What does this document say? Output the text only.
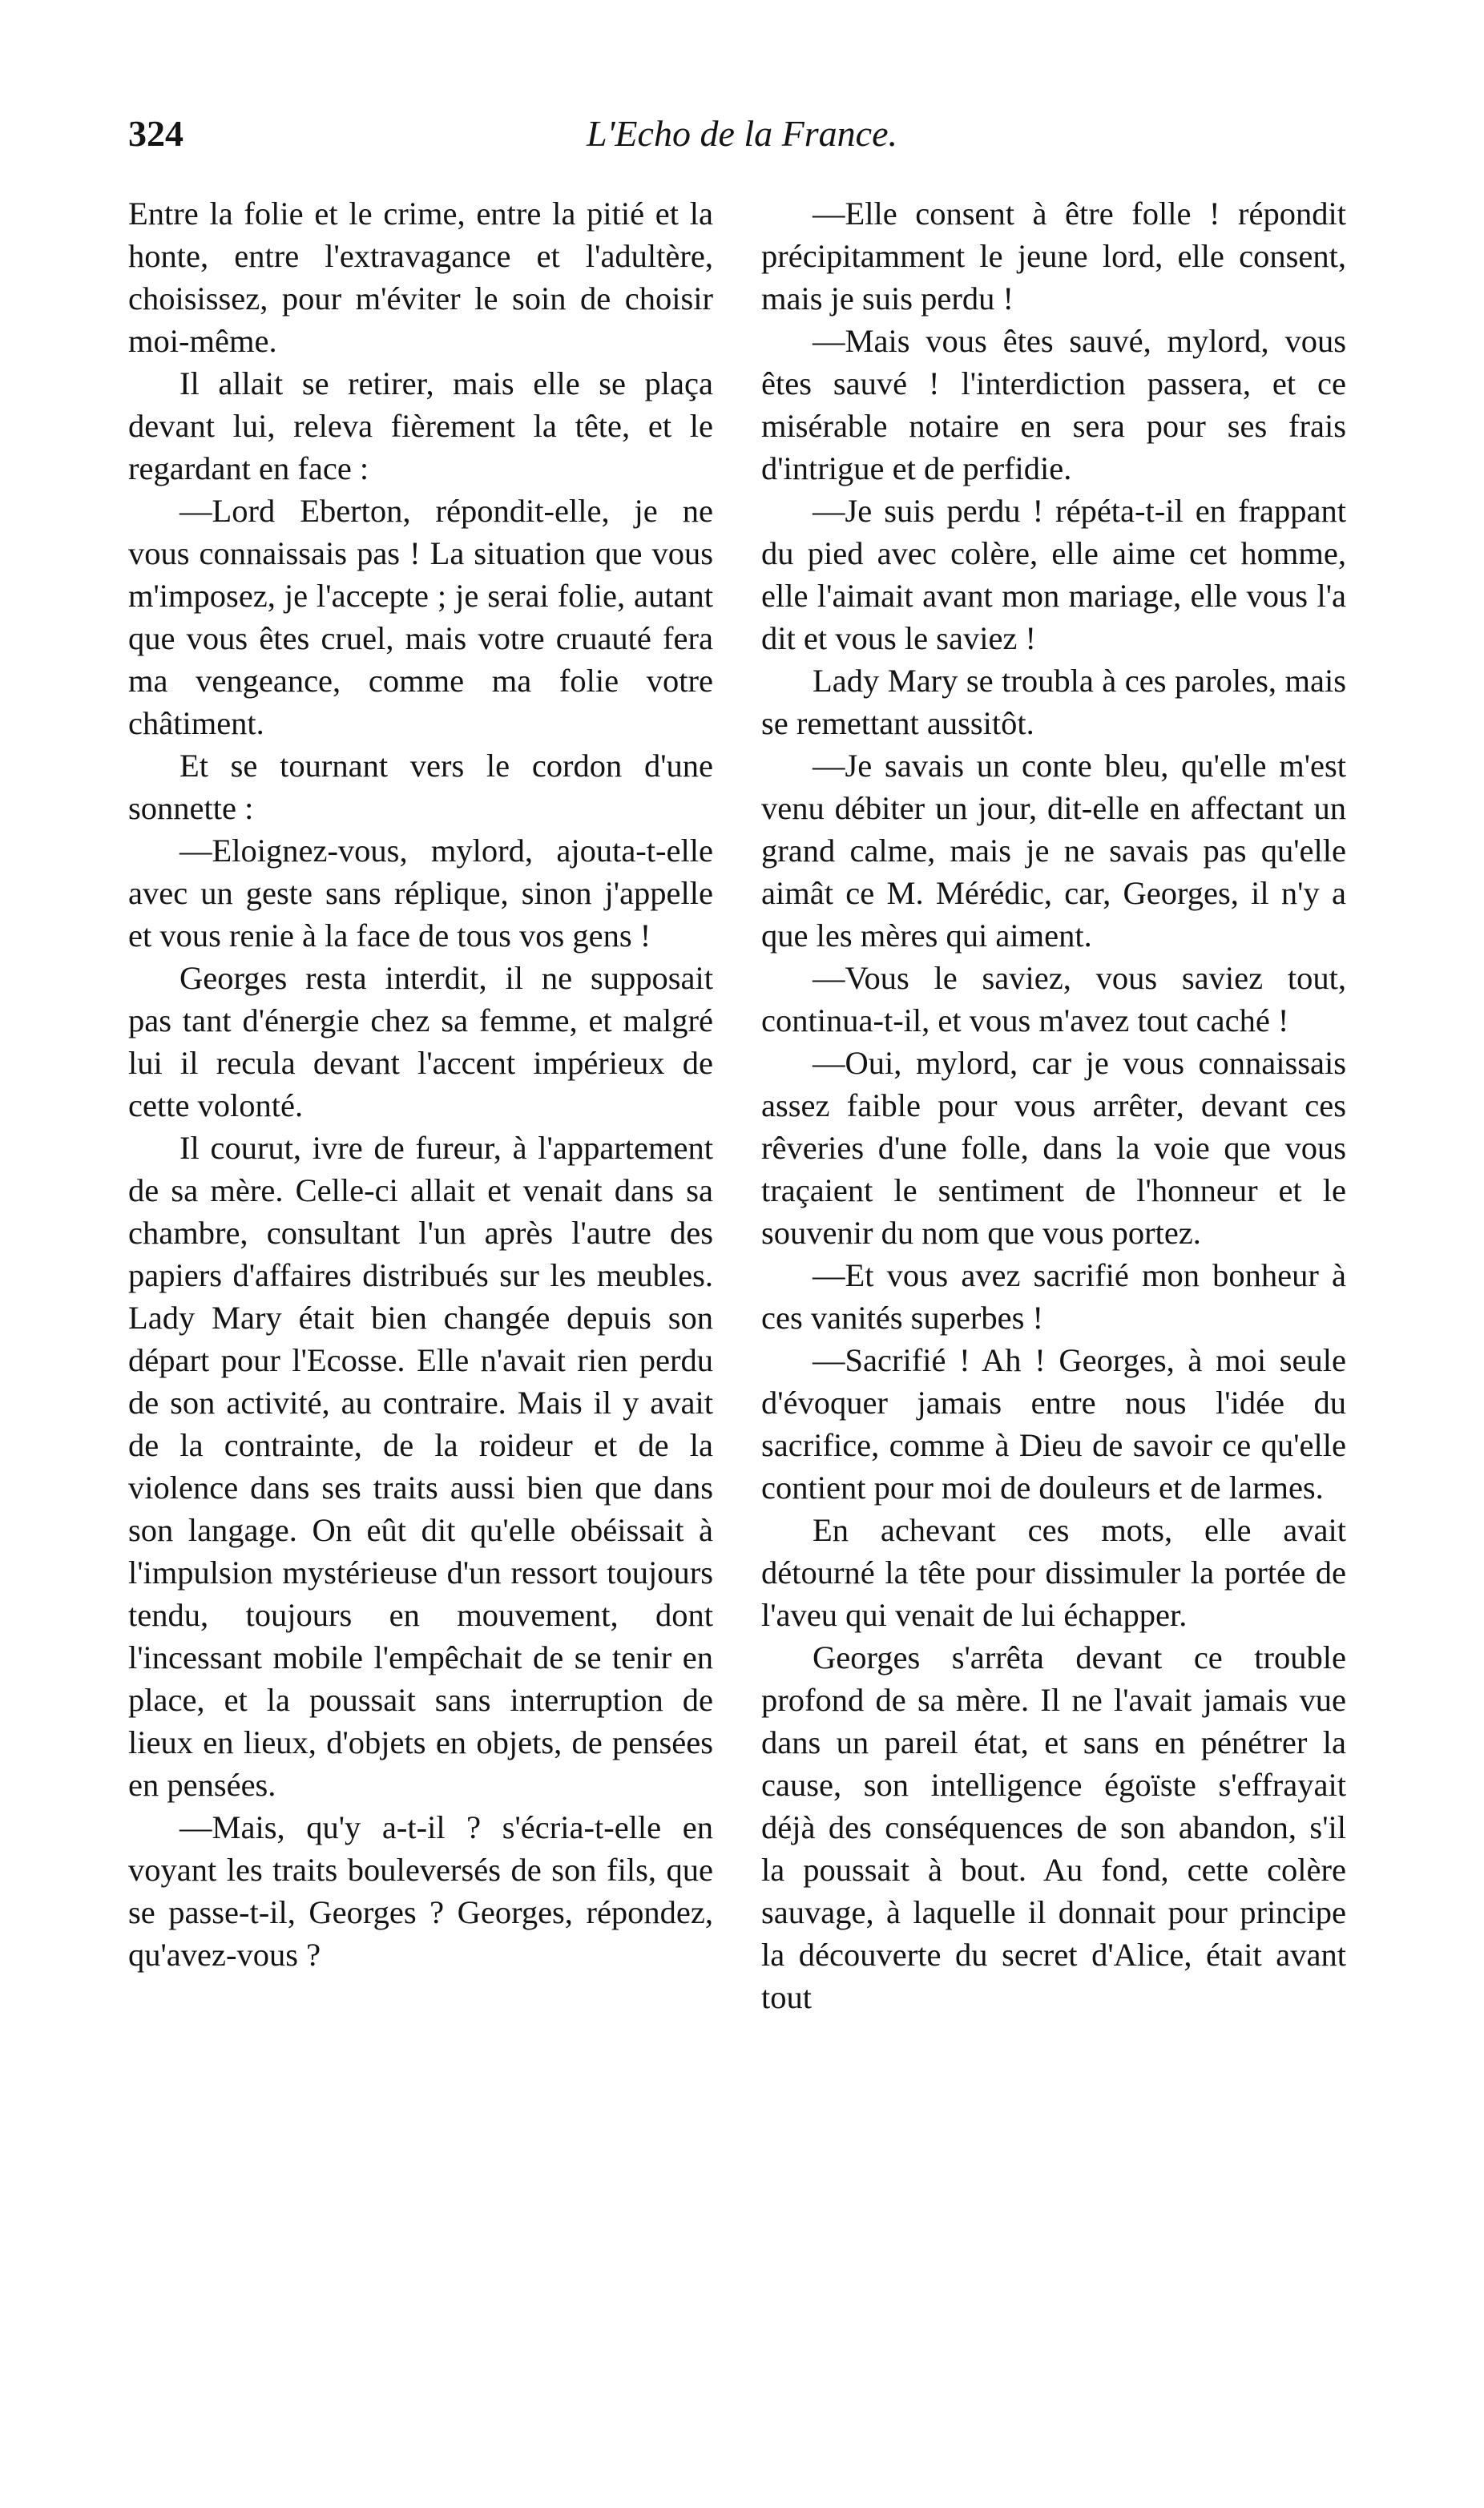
324	L'Echo de la France.

Entre la folie et le crime, entre la pitié et la honte, entre l'extravagance et l'adultère, choisissez, pour m'éviter le soin de choisir moi-même.

Il allait se retirer, mais elle se plaça devant lui, releva fièrement la tête, et le regardant en face :

—Lord Eberton, répondit-elle, je ne vous connaissais pas ! La situation que vous m'imposez, je l'accepte ; je serai folie, autant que vous êtes cruel, mais votre cruauté fera ma vengeance, comme ma folie votre châtiment.

Et se tournant vers le cordon d'une sonnette :

—Eloignez-vous, mylord, ajouta-t-elle avec un geste sans réplique, sinon j'appelle et vous renie à la face de tous vos gens !

Georges resta interdit, il ne supposait pas tant d'énergie chez sa femme, et malgré lui il recula devant l'accent impérieux de cette volonté.

Il courut, ivre de fureur, à l'appartement de sa mère. Celle-ci allait et venait dans sa chambre, consultant l'un après l'autre des papiers d'affaires distribués sur les meubles. Lady Mary était bien changée depuis son départ pour l'Ecosse. Elle n'avait rien perdu de son activité, au contraire. Mais il y avait de la contrainte, de la roideur et de la violence dans ses traits aussi bien que dans son langage. On eût dit qu'elle obéissait à l'impulsion mystérieuse d'un ressort toujours tendu, toujours en mouvement, dont l'incessant mobile l'empêchait de se tenir en place, et la poussait sans interruption de lieux en lieux, d'objets en objets, de pensées en pensées.

—Mais, qu'y a-t-il ? s'écria-t-elle en voyant les traits bouleversés de son fils, que se passe-t-il, Georges ? Georges, répondez, qu'avez-vous ?

—Elle consent à être folle ! répondit précipitamment le jeune lord, elle consent, mais je suis perdu !

—Mais vous êtes sauvé, mylord, vous êtes sauvé ! l'interdiction passera, et ce misérable notaire en sera pour ses frais d'intrigue et de perfidie.

—Je suis perdu ! répéta-t-il en frappant du pied avec colère, elle aime cet homme, elle l'aimait avant mon mariage, elle vous l'a dit et vous le saviez !

Lady Mary se troubla à ces paroles, mais se remettant aussitôt.

—Je savais un conte bleu, qu'elle m'est venu débiter un jour, dit-elle en affectant un grand calme, mais je ne savais pas qu'elle aimât ce M. Mérédic, car, Georges, il n'y a que les mères qui aiment.

—Vous le saviez, vous saviez tout, continua-t-il, et vous m'avez tout caché !

—Oui, mylord, car je vous connaissais assez faible pour vous arrêter, devant ces rêveries d'une folle, dans la voie que vous traçaient le sentiment de l'honneur et le souvenir du nom que vous portez.

—Et vous avez sacrifié mon bonheur à ces vanités superbes !

—Sacrifié ! Ah ! Georges, à moi seule d'évoquer jamais entre nous l'idée du sacrifice, comme à Dieu de savoir ce qu'elle contient pour moi de douleurs et de larmes.

En achevant ces mots, elle avait détourné la tête pour dissimuler la portée de l'aveu qui venait de lui échapper.

Georges s'arrêta devant ce trouble profond de sa mère. Il ne l'avait jamais vue dans un pareil état, et sans en pénétrer la cause, son intelligence égoïste s'effrayait déjà des conséquences de son abandon, s'il la poussait à bout. Au fond, cette colère sauvage, à laquelle il donnait pour principe la découverte du secret d'Alice, était avant tout
